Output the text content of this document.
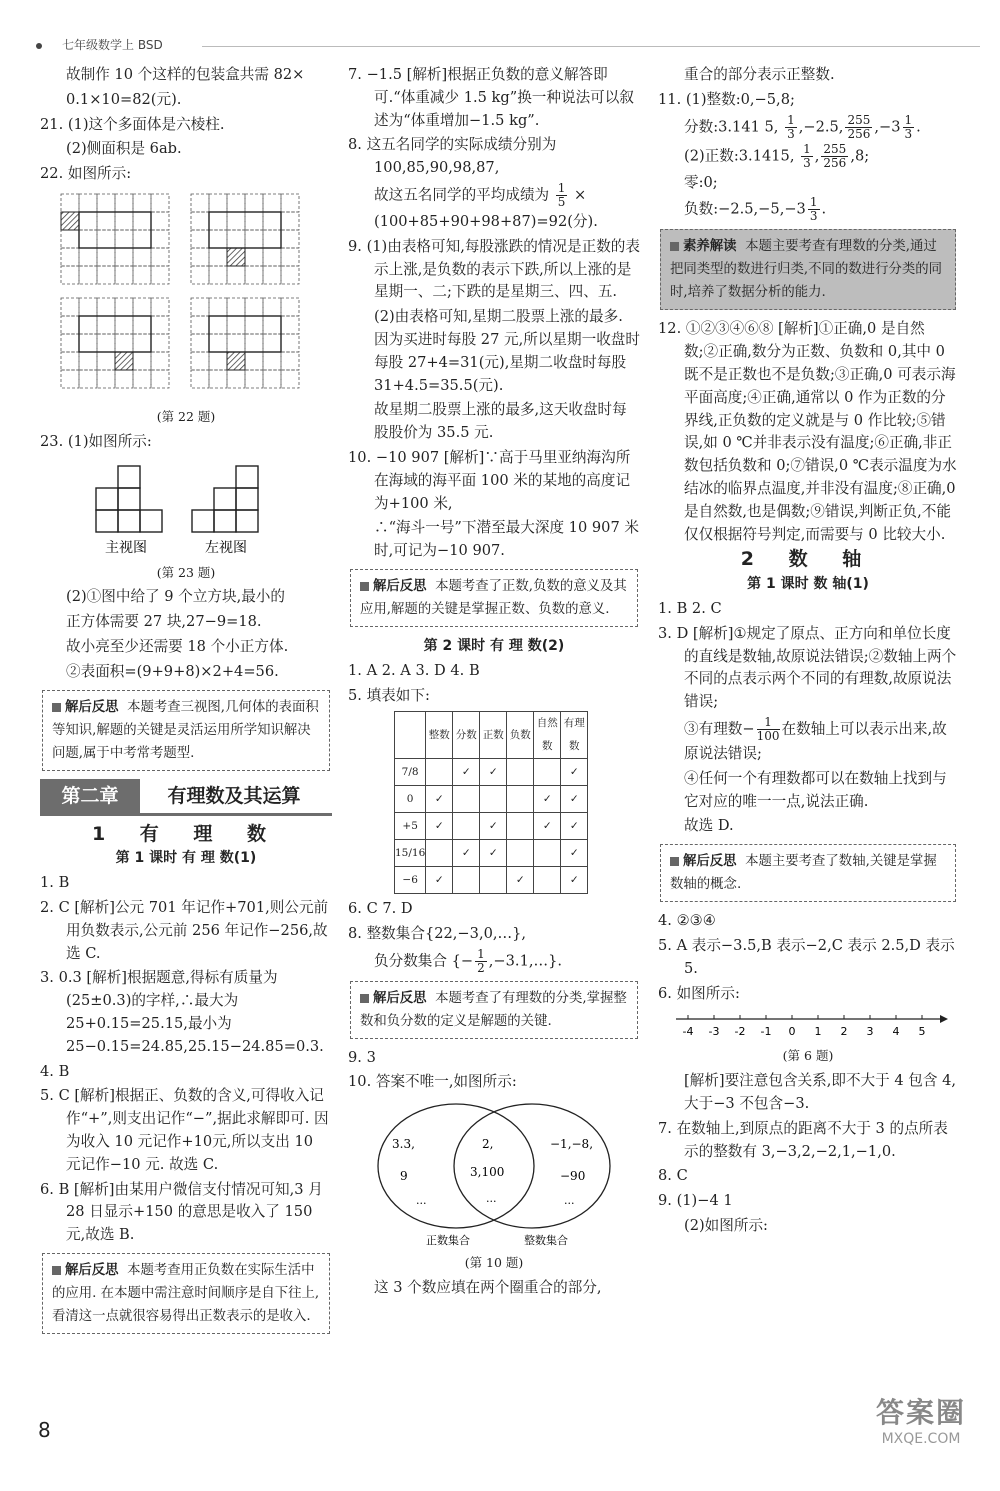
七年级数学上 BSD

故制作 10 个这样的包装盒共需 82×

0.1×10=82(元).

21. (1)这个多面体是六棱柱.

(2)侧面积是 6ab.

22. 如图所示:

(第 22 题)

23. (1)如图所示:

主视图	左视图

(第 23 题)

(2)①图中给了 9 个立方块,最小的

正方体需要 27 块,27−9=18.

故小亮至少还需要 18 个小正方体.

②表面积=(9+9+8)×2+4=56.

解后反思 本题考查三视图,几何体的表面积等知识,解题的关键是灵活运用所学知识解决问题,属于中考常考题型.
第二章	有理数及其运算

1 有 理 数

第 1 课时 有 理 数(1)

1. B

2. C [解析]公元 701 年记作+701,则公元前用负数表示,公元前 256 年记作−256,故选 C.

3. 0.3 [解析]根据题意,得标有质量为(25±0.3)的字样,∴最大为 25+0.15=25.15,最小为 25−0.15=24.85,25.15−24.85=0.3.

4. B

5. C [解析]根据正、负数的含义,可得收入记作“+”,则支出记作“−”,据此求解即可. 因为收入 10 元记作+10元,所以支出 10 元记作−10 元. 故选 C.

6. B [解析]由某用户微信支付情况可知,3 月 28 日显示+150 的意思是收入了 150 元,故选 B.

解后反思 本题考查用正负数在实际生活中的应用. 在本题中需注意时间顺序是自下往上,看清这一点就很容易得出正数表示的是收入.

7. −1.5 [解析]根据正负数的意义解答即可.“体重减少 1.5 kg”换一种说法可以叙述为“体重增加−1.5 kg”.

8. 这五名同学的实际成绩分别为 100,85,90,98,87,

故这五名同学的平均成绩为 $\frac{1}{5}$ ×

(100+85+90+98+87)=92(分).

9. (1)由表格可知,每股涨跌的情况是正数的表示上涨,是负数的表示下跌,所以上涨的是星期一、二;下跌的是星期三、四、五.

(2)由表格可知,星期二股票上涨的最多. 因为买进时每股 27 元,所以星期一收盘时每股 27+4=31(元),星期二收盘时每股 31+4.5=35.5(元).

故星期二股票上涨的最多,这天收盘时每股股价为 35.5 元.

10. −10 907 [解析]∵高于马里亚纳海沟所在海域的海平面 100 米的某地的高度记为+100 米,

∴“海斗一号”下潜至最大深度 10 907 米时,可记为−10 907.

解后反思 本题考查了正数,负数的意义及其应用,解题的关键是掌握正数、负数的意义.

第 2 课时 有 理 数(2)

1. A 2. A 3. D 4. B

5. 填表如下:

	整数	分数	正数	负数	自然数	有理数
7/8		✓	✓			✓
0	✓				✓	✓
+5	✓		✓		✓	✓
15/16		✓	✓			✓
−6	✓			✓		✓

6. C 7. D

8. 整数集合{22,−3,0,…},

负分数集合 {− $\frac{1}{2}$ ,−3.1,…}.

解后反思 本题考查了有理数的分类,掌握整数和负分数的定义是解题的关键.

9. 3

10. 答案不唯一,如图所示:

3.3,
9
...
2,
3,100
...
−1,−8,
−90
...
正数集合	整数集合

(第 10 题)

这 3 个数应填在两个圈重合的部分,

重合的部分表示正整数.

11. (1)整数:0,−5,8;

分数:3.141 5, $\frac{1}{3} ,-2.5$, $\frac{255}{256} ,-3 \frac{1}{3}$ .

(2)正数:3.1415, $\frac{1}{3}$ , $\frac{255}{256} ,8$;

零:0;

负数:−2.5,−5,−3 $\frac{1}{3}$ .

素养解读 本题主要考查有理数的分类,通过把同类型的数进行归类,不同的数进行分类的同时,培养了数据分析的能力.

12. ①②③④⑥⑧ [解析]①正确,0 是自然数;②正确,数分为正数、负数和 0,其中 0 既不是正数也不是负数;③正确,0 可表示海平面高度;④正确,通常以 0 作为正数的分界线,正负数的定义就是与 0 作比较;⑤错误,如 0 ℃并非表示没有温度;⑥正确,非正数包括负数和 0;⑦错误,0 ℃表示温度为水结冰的临界点温度,并非没有温度;⑧正确,0 是自然数,也是偶数;⑨错误,判断正负,不能仅仅根据符号判定,而需要与 0 比较大小.

2 数 轴

第 1 课时 数 轴(1)

1. B 2. C

3. D [解析]①规定了原点、正方向和单位长度的直线是数轴,故原说法错误;②数轴上两个不同的点表示两个不同的有理数,故原说法错误;

③有理数− $\frac{1}{100}$ 在数轴上可以表示出来,故原说法错误;

④任何一个有理数都可以在数轴上找到与它对应的唯一一点,说法正确.

故选 D.

解后反思 本题主要考查了数轴,关键是掌握数轴的概念.

4. ②③④

5. A 表示−3.5,B 表示−2,C 表示 2.5,D 表示 5.

6. 如图所示:

-4 -3 -2 -1 0 1 2 3 4 5

(第 6 题)

[解析]要注意包含关系,即不大于 4 包含 4,大于−3 不包含−3.

7. 在数轴上,到原点的距离不大于 3 的点所表示的整数有 3,−3,2,−2,1,−1,0.

8. C

9. (1)−4 1

(2)如图所示:

8
答案圈
MXQE.COM
